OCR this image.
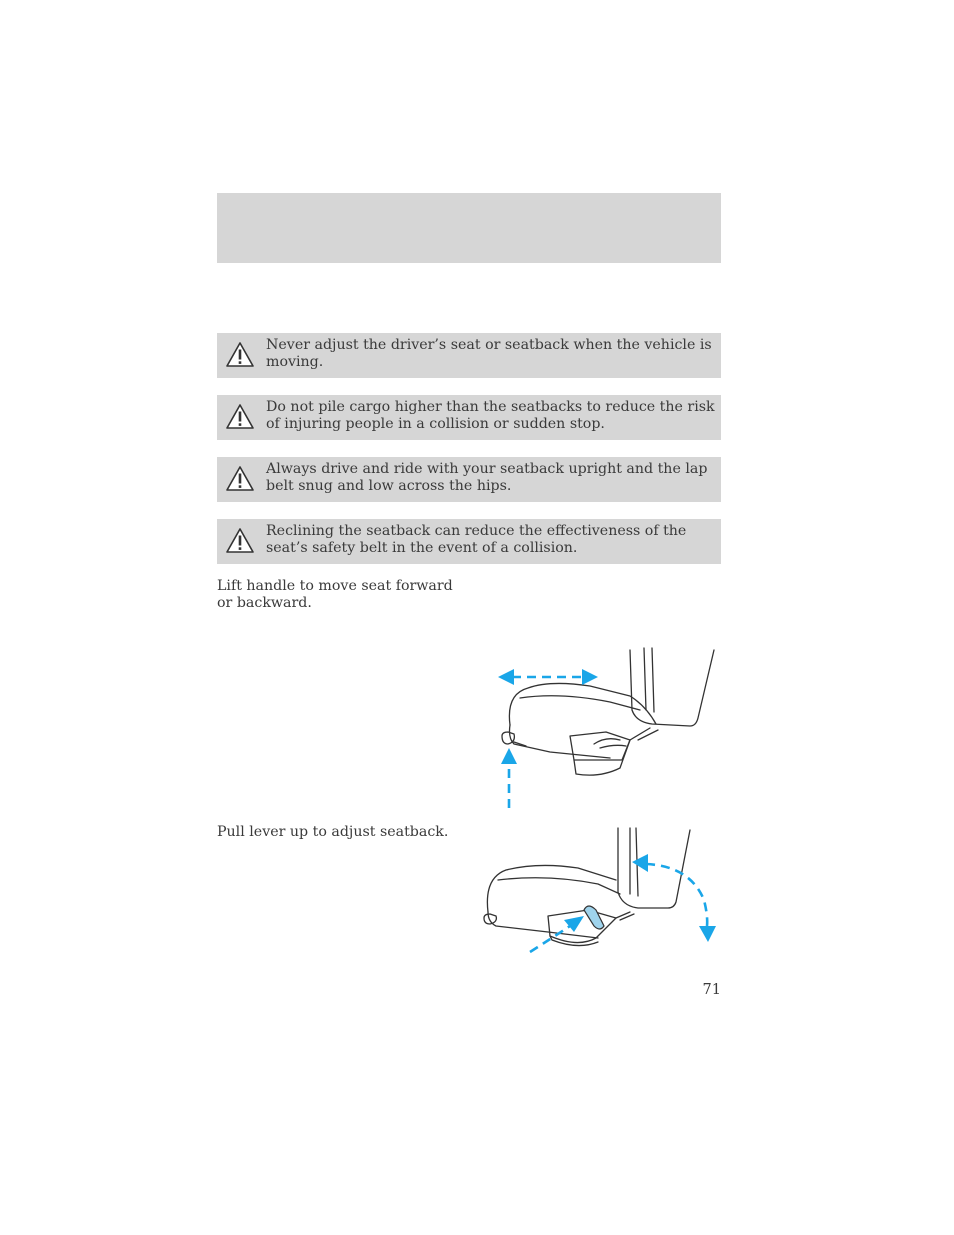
Never adjust the driver’s seat or seatback when the vehicle is moving.
Do not pile cargo higher than the seatbacks to reduce the risk of injuring people in a collision or sudden stop.
Always drive and ride with your seatback upright and the lap belt snug and low across the hips.
Reclining the seatback can reduce the effectiveness of the seat’s safety belt in the event of a collision.
Lift handle to move seat forward or backward.
Pull lever up to adjust seatback.
71
